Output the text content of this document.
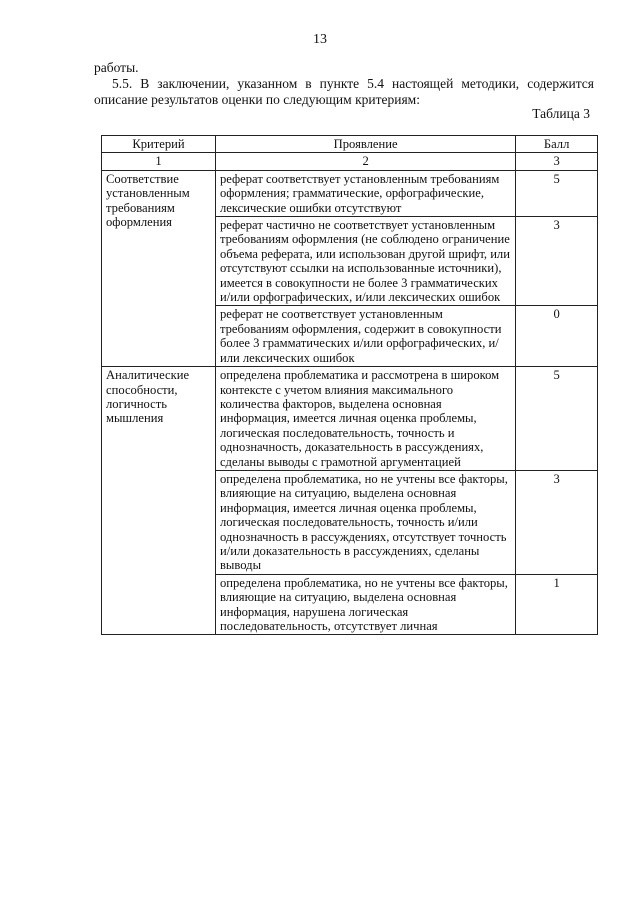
13

работы.

5.5. В заключении, указанном в пункте 5.4 настоящей методики, содержится описание результатов оценки по следующим критериям:

Таблица 3
Критерий	Проявление	Балл
1	2	3
Соответствие установленным требованиям оформления	реферат соответствует установленным требованиям оформления; грамматические, орфографические, лексические ошибки отсутствуют	5
	реферат частично не соответствует установленным требованиям оформления (не соблюдено ограничение объема реферата, или использован другой шрифт, или отсутствуют ссылки на использованные источники), имеется в совокупности не более 3 грамматических и/или орфографических, и/или лексических ошибок	3
	реферат не соответствует установленным требованиям оформления, содержит в совокупности более 3 грамматических и/или орфографических, и/или лексических ошибок	0
Аналитические способности, логичность мышления	определена проблематика и рассмотрена в широком контексте с учетом влияния максимального количества факторов, выделена основная информация, имеется личная оценка проблемы, логическая последовательность, точность и однозначность, доказательность в рассуждениях, сделаны выводы с грамотной аргументацией	5
	определена проблематика, но не учтены все факторы, влияющие на ситуацию, выделена основная информация, имеется личная оценка проблемы, логическая последовательность, точность и/или однозначность в рассуждениях, отсутствует точность и/или доказательность в рассуждениях, сделаны выводы	3
	определена проблематика, но не учтены все факторы, влияющие на ситуацию, выделена основная информация, нарушена логическая последовательность, отсутствует личная	1
